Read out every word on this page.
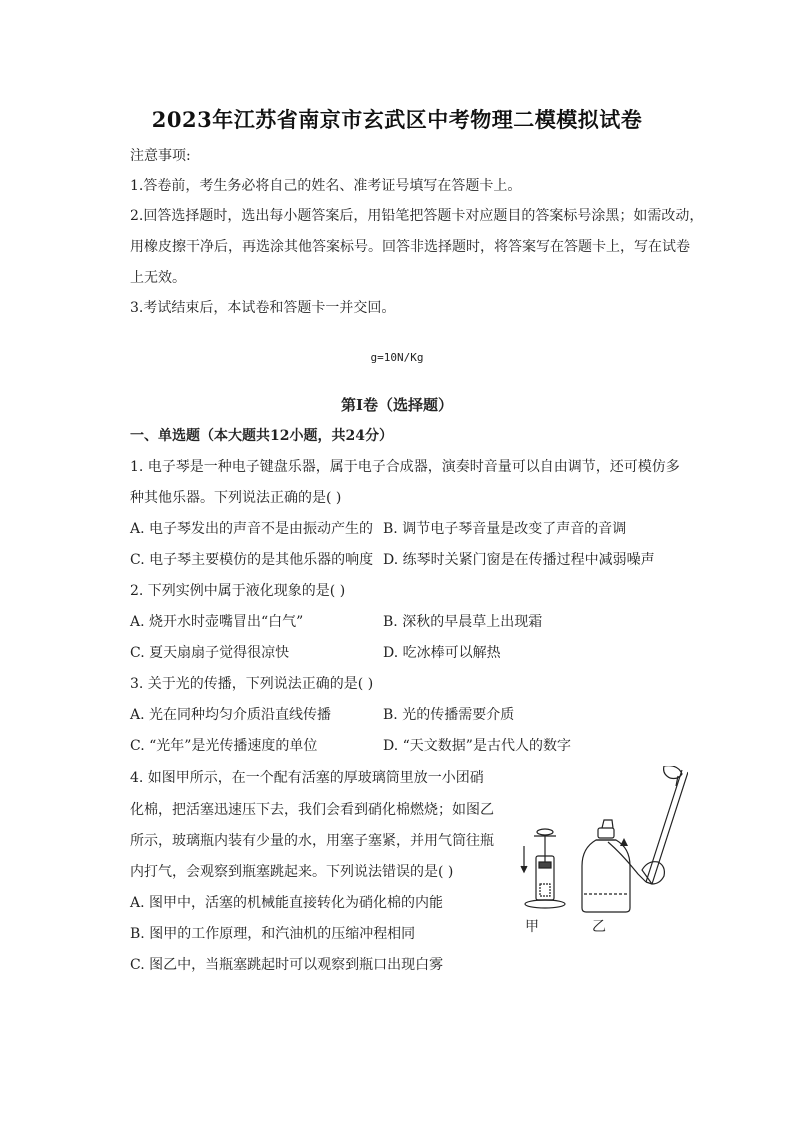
2023年江苏省南京市玄武区中考物理二模模拟试卷
注意事项:
1.答卷前，考生务必将自己的姓名、准考证号填写在答题卡上。
2.回答选择题时，选出每小题答案后，用铅笔把答题卡对应题目的答案标号涂黑；如需改动，
用橡皮擦干净后，再选涂其他答案标号。回答非选择题时，将答案写在答题卡上，写在试卷
上无效。
3.考试结束后，本试卷和答题卡一并交回。
g=10N/Kg
第I卷（选择题）
一、单选题（本大题共12小题，共24分）
1. 电子琴是一种电子键盘乐器，属于电子合成器，演奏时音量可以自由调节，还可模仿多
种其他乐器。下列说法正确的是( )
A. 电子琴发出的声音不是由振动产生的 B. 调节电子琴音量是改变了声音的音调
C. 电子琴主要模仿的是其他乐器的响度 D. 练琴时关紧门窗是在传播过程中减弱噪声
2. 下列实例中属于液化现象的是( )
A. 烧开水时壶嘴冒出“白气”	B. 深秋的早晨草上出现霜
C. 夏天扇扇子觉得很凉快	D. 吃冰棒可以解热
3. 关于光的传播，下列说法正确的是( )
A. 光在同种均匀介质沿直线传播	B. 光的传播需要介质
C. “光年”是光传播速度的单位	D. “天文数据”是古代人的数字
4. 如图甲所示，在一个配有活塞的厚玻璃筒里放一小团硝
化棉，把活塞迅速压下去，我们会看到硝化棉燃烧；如图乙
所示，玻璃瓶内装有少量的水，用塞子塞紧，并用气筒往瓶
内打气，会观察到瓶塞跳起来。下列说法错误的是( )
A. 图甲中，活塞的机械能直接转化为硝化棉的内能
B. 图甲的工作原理，和汽油机的压缩冲程相同
C. 图乙中，当瓶塞跳起时可以观察到瓶口出现白雾
甲	乙
